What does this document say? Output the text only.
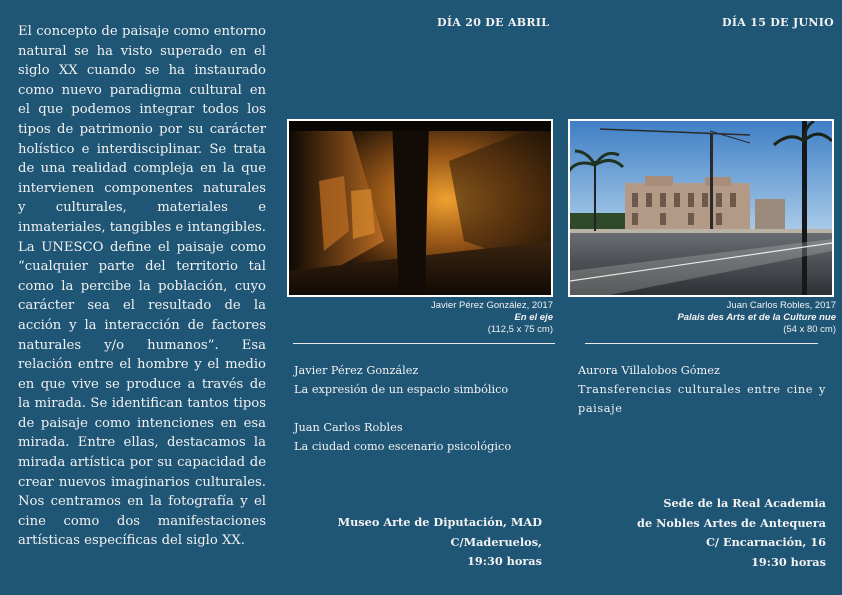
El concepto de paisaje como entorno natural se ha visto superado en el siglo XX cuando se ha instaurado como nuevo paradigma cultural en el que podemos integrar todos los tipos de patrimonio por su carácter holístico e interdisciplinar. Se trata de una realidad compleja en la que intervienen componentes naturales y culturales, materiales e inmateriales, tangibles e intangibles. La UNESCO define el paisaje como “cualquier parte del territorio tal como la percibe la población, cuyo carácter sea el resultado de la acción y la interacción de factores naturales y/o humanos”. Esa relación entre el hombre y el medio en que vive se produce a través de la mirada. Se identifican tantos tipos de paisaje como intenciones en esa mirada. Entre ellas, destacamos la mirada artística por su capacidad de crear nuevos imaginarios culturales. Nos centramos en la fotografía y el cine como dos manifestaciones artísticas específicas del siglo XX.

DÍA 20 DE ABRIL	DÍA 15 DE JUNIO
Javier Pérez González, 2017
En el eje
(112,5 x 75 cm)
Juan Carlos Robles, 2017
Palais des Arts et de la Culture nue
(54 x 80 cm)

Javier Pérez González

La expresión de un espacio simbólico

Juan Carlos Robles

La ciudad como escenario psicológico

Aurora Villalobos Gómez

Transferencias culturales entre cine y paisaje

Museo Arte de Diputación, MAD

C/Maderuelos,

19:30 horas

Sede de la Real Academia

de Nobles Artes de Antequera

C/ Encarnación, 16

19:30 horas
